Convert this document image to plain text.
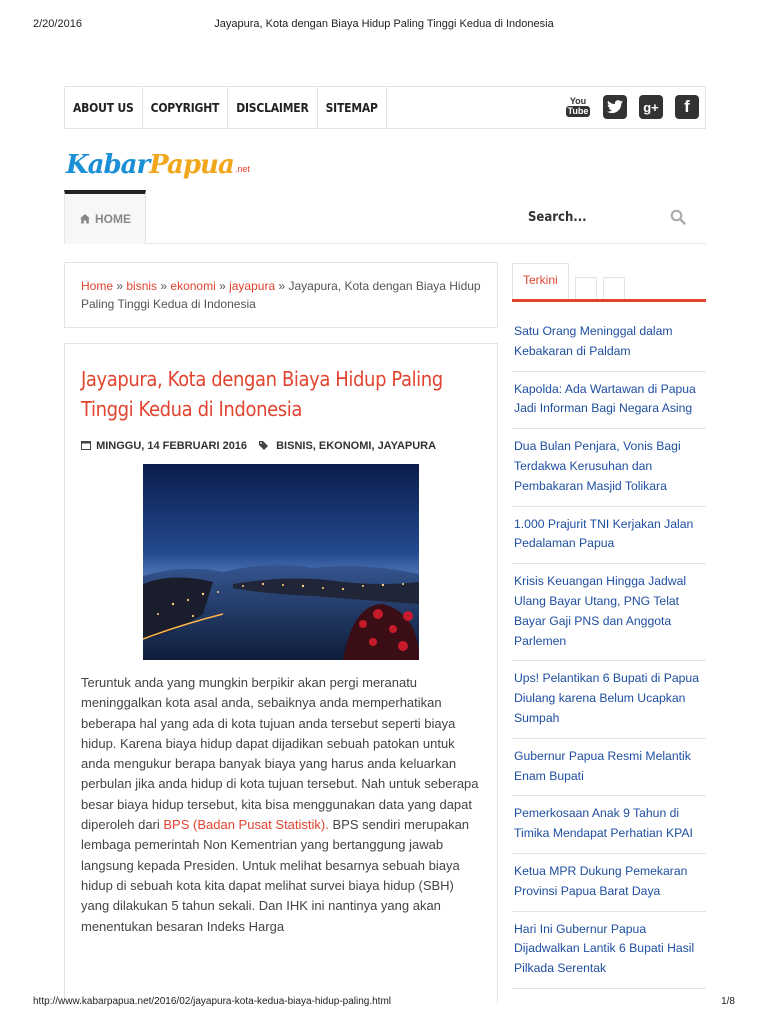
2/20/2016	Jayapura, Kota dengan Biaya Hidup Paling Tinggi Kedua di Indonesia
ABOUT US	COPYRIGHT	DISCLAIMER	SITEMAP	You
Tube	g+ f
Kabar Papua .net
HOME	Search...
Home » bisnis » ekonomi » jayapura » Jayapura, Kota dengan Biaya Hidup Paling Tinggi Kedua di Indonesia
Jayapura, Kota dengan Biaya Hidup Paling Tinggi Kedua di Indonesia
MINGGU, 14 FEBRUARI 2016	BISNIS, EKONOMI, JAYAPURA

Teruntuk anda yang mungkin berpikir akan pergi meranatu meninggalkan kota asal anda, sebaiknya anda memperhatikan beberapa hal yang ada di kota tujuan anda tersebut seperti biaya hidup. Karena biaya hidup dapat dijadikan sebuah patokan untuk anda mengukur berapa banyak biaya yang harus anda keluarkan perbulan jika anda hidup di kota tujuan tersebut. Nah untuk seberapa besar biaya hidup tersebut, kita bisa menggunakan data yang dapat diperoleh dari BPS (Badan Pusat Statistik). BPS sendiri merupakan lembaga pemerintah Non Kementrian yang bertanggung jawab langsung kepada Presiden. Untuk melihat besarnya sebuah biaya hidup di sebuah kota kita dapat melihat survei biaya hidup (SBH) yang dilakukan 5 tahun sekali. Dan IHK ini nantinya yang akan menentukan besaran Indeks Harga

Terkini
Satu Orang Meninggal dalam Kebakaran di Paldam
Kapolda: Ada Wartawan di Papua Jadi Informan Bagi Negara Asing
Dua Bulan Penjara, Vonis Bagi Terdakwa Kerusuhan dan Pembakaran Masjid Tolikara
1.000 Prajurit TNI Kerjakan Jalan Pedalaman Papua
Krisis Keuangan Hingga Jadwal Ulang Bayar Utang, PNG Telat Bayar Gaji PNS dan Anggota Parlemen
Ups! Pelantikan 6 Bupati di Papua Diulang karena Belum Ucapkan Sumpah
Gubernur Papua Resmi Melantik Enam Bupati
Pemerkosaan Anak 9 Tahun di Timika Mendapat Perhatian KPAI
Ketua MPR Dukung Pemekaran Provinsi Papua Barat Daya
Hari Ini Gubernur Papua Dijadwalkan Lantik 6 Bupati Hasil Pilkada Serentak
http://www.kabarpapua.net/2016/02/jayapura-kota-kedua-biaya-hidup-paling.html	1/8
